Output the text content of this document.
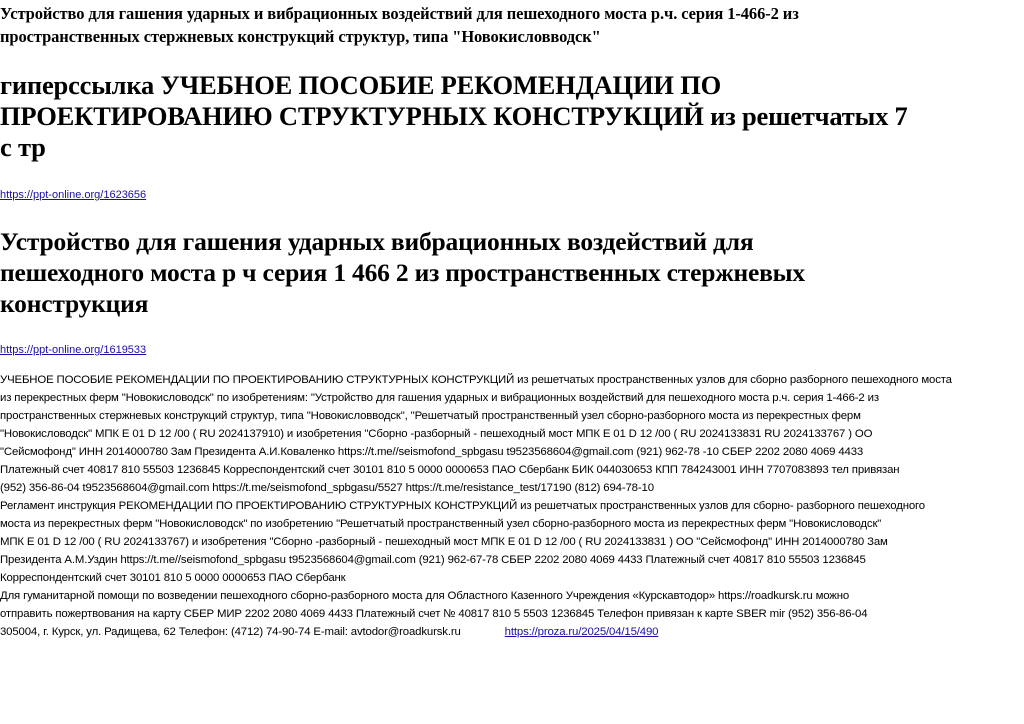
Устройство для гашения ударных и вибрационных воздействий для пешеходного моста р.ч. серия 1-466-2 из
пространственных стержневых конструкций структур, типа "Новокисловводск"
гиперссылка УЧЕБНОЕ ПОСОБИЕ РЕКОМЕНДАЦИИ ПО
ПРОЕКТИРОВАНИЮ СТРУКТУРНЫХ КОНСТРУКЦИЙ из решетчатых 7
с тр
https://ppt-online.org/1623656
Устройство для гашения ударных вибрационных воздействий для
пешеходного моста р ч серия 1 466 2 из пространственных стержневых
конструкция
https://ppt-online.org/1619533
УЧЕБНОЕ ПОСОБИЕ РЕКОМЕНДАЦИИ ПО ПРОЕКТИРОВАНИЮ СТРУКТУРНЫХ КОНСТРУКЦИЙ из решетчатых пространственных узлов для сборно разборного пешеходного моста
из перекрестных ферм "Новокисловодск" по изобретениям: "Устройство для гашения ударных и вибрационных воздействий для пешеходного моста р.ч. серия 1-466-2 из
пространственных стержневых конструкций структур, типа "Новокисловводск", "Решетчатый пространственный узел сборно-разборного моста из перекрестных ферм
"Новокисловодск" МПК E 01 D 12 /00 ( RU 2024137910) и изобретения "Сборно -разборный - пешеходный мост МПК E 01 D 12 /00 ( RU 2024133831 RU 2024133767 ) ОО
"Сейсмофонд" ИНН 2014000780 Зам Президента А.И.Коваленко https://t.me//seismofond_spbgasu t9523568604@gmail.com (921) 962-78 -10 СБЕР 2202 2080 4069 4433
Платежный счет 40817 810 55503 1236845 Корреспондентский счет 30101 810 5 0000 0000653 ПАО Сбербанк БИК 044030653 КПП 784243001 ИНН 7707083893 тел привязан
(952) 356-86-04 t9523568604@gmail.com https://t.me/seismofond_spbgasu/5527 https://t.me/resistance_test/17190 (812) 694-78-10
Регламент инструкция РЕКОМЕНДАЦИИ ПО ПРОЕКТИРОВАНИЮ СТРУКТУРНЫХ КОНСТРУКЦИЙ из решетчатых пространственных узлов для сборно- разборного пешеходного
моста из перекрестных ферм "Новокисловодск" по изобретению "Решетчатый пространственный узел сборно-разборного моста из перекрестных ферм "Новокисловодск"
МПК E 01 D 12 /00 ( RU 2024133767) и изобретения "Сборно -разборный - пешеходный мост МПК E 01 D 12 /00 ( RU 2024133831 ) ОО "Сейсмофонд" ИНН 2014000780 Зам
Президента А.М.Уздин https://t.me//seismofond_spbgasu t9523568604@gmail.com (921) 962-67-78 СБЕР 2202 2080 4069 4433 Платежный счет 40817 810 55503 1236845
Корреспондентский счет 30101 810 5 0000 0000653 ПАО Сбербанк
Для гуманитарной помощи по возведении пешеходного сборно-разборного моста для Областного Казенного Учреждения «Курскавтодор» https://roadkursk.ru можно
отправить пожертвования на карту СБЕР МИР 2202 2080 4069 4433 Платежный счет № 40817 810 5 5503 1236845 Телефон привязан к карте SBER mir (952) 356-86-04
305004, г. Курск, ул. Радищева, 62 Телефон: (4712) 74-90-74 E-mail: avtodor@roadkursk.ru	https://proza.ru/2025/04/15/490
